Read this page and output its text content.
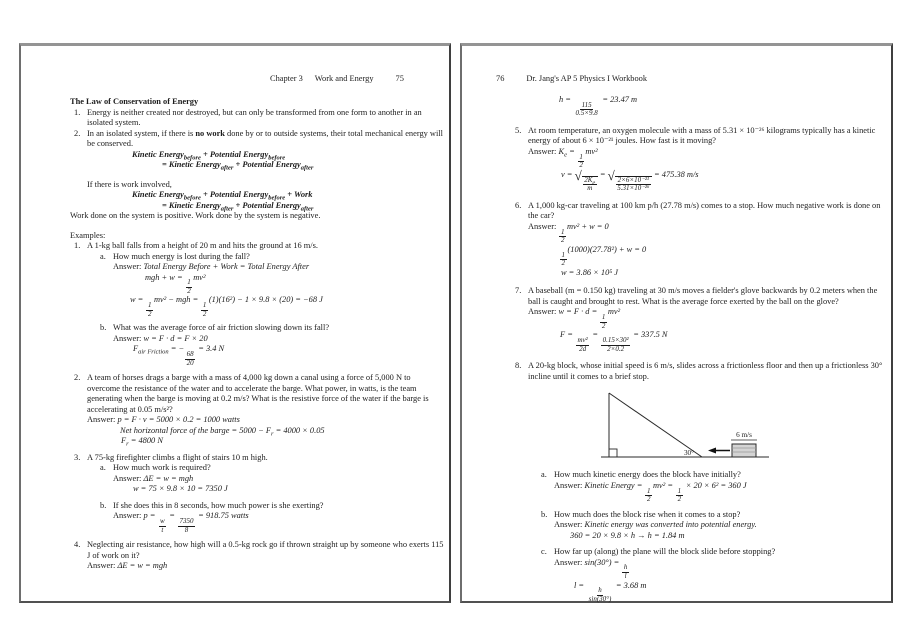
Chapter 3 Work and Energy	75
The Law of Conservation of Energy
1. Energy is neither created nor destroyed, but can only be transformed from one form to another in an isolated system.
2. In an isolated system, if there is no work done by or to outside systems, their total mechanical energy will be conserved.
Kinetic Energy$_{before}$ + Potential Energy$_{before}$
= Kinetic Energy$_{after}$ + Potential Energy$_{after}$
If there is work involved,
Kinetic Energy$_{before}$ + Potential Energy$_{before}$ + Work
= Kinetic Energy$_{after}$ + Potential Energy$_{after}$
Work done on the system is positive. Work done by the system is negative.
Examples:
1. A 1-kg ball falls from a height of 20 m and hits the ground at 16 m/s.
a. How much energy is lost during the fall?
Answer: Total Energy Before + Work = Total Energy After
mgh + w =
$\frac{1}{2}$
mv²
w =
$\frac{1}{2}$
mv² − mgh =
$\frac{1}{2}$
(1)(16²) − 1 × 9.8 × (20) = −68 J
b. What was the average force of air friction slowing down its fall?
Answer: w = F · d = F × 20
$F_{air Friction}$ = −
$\frac{68}{20}$
= 3.4 N
2. A team of horses drags a barge with a mass of 4,000 kg down a canal using a force of 5,000 N to overcome the resistance of the water and to accelerate the barge. What power, in watts, is the team generating when the barge is moving at 0.2 m/s? What is the resistive force of the water if the barge is accelerating at 0.05 m/s²?
Answer: p = F · v = 5000 × 0.2 = 1000 watts
Net horizontal force of the barge = $5000 - F_r = 4000 \times 0.05$
$F_r = 4800$ N
3. A 75-kg firefighter climbs a flight of stairs 10 m high.
a. How much work is required?
Answer: ΔE = w = mgh
w = 75 × 9.8 × 10 = 7350 J
b. If she does this in 8 seconds, how much power is she exerting?
Answer: p =
$\frac{w}{t}$
=
$\frac{7350}{8}$
= 918.75 watts
4. Neglecting air resistance, how high will a 0.5-kg rock go if thrown straight up by someone who exerts 115 J of work on it?
Answer: ΔE = w = mgh
76	Dr. Jang's AP 5 Physics I Workbook
h =
$\frac{115}{0.5\times 9.8}$
= 23.47 m
5. At room temperature, an oxygen molecule with a mass of 5.31 × 10⁻²⁶ kilograms typically has a kinetic energy of about 6 × 10⁻²¹ joules. How fast is it moving?
Answer: $K_e$ =
$\frac{1}{2}$
mv²
v = √
$\frac{2K_e}{m}$
= √
$\frac{\text{2×6×10⁻²¹}}{\text{5.31×10⁻²⁶}}$
= 475.38 m/s
6. A 1,000 kg-car traveling at 100 km p/h (27.78 m/s) comes to a stop. How much negative work is done on the car?
Answer:
$\frac{1}{2}$
mv² + w = 0
$\frac{1}{2}$
(1000)(27.78²) + w = 0
w = 3.86 × 10⁵ J
7. A baseball (m = 0.150 kg) traveling at 30 m/s moves a fielder's glove backwards by 0.2 meters when the ball is caught and brought to rest. What is the average force exerted by the ball on the glove?
Answer: w = F · d =
$\frac{1}{2}$
mv²
F =
$\frac{\text{mv²}}{2d}$
=
$\frac{\text{0.15×30²}}{2\times 0.2}$
= 337.5 N
8. A 20-kg block, whose initial speed is 6 m/s, slides across a frictionless floor and then up a frictionless 30° incline until it comes to a brief stop.
30°
6 m/s
a. How much kinetic energy does the block have initially?
Answer: Kinetic Energy =
$\frac{1}{2}$
mv² =
$\frac{1}{2}$
× 20 × 6² = 360 J
b. How much does the block rise when it comes to a stop?
Answer: Kinetic energy was converted into potential energy.
360 = 20 × 9.8 × h → h = 1.84 m
c. How far up (along) the plane will the block slide before stopping?
Answer: sin(30°) =
$\frac{h}{l}$
l =
$\frac{h}{\sin(30^\circ)}$
= 3.68 m
